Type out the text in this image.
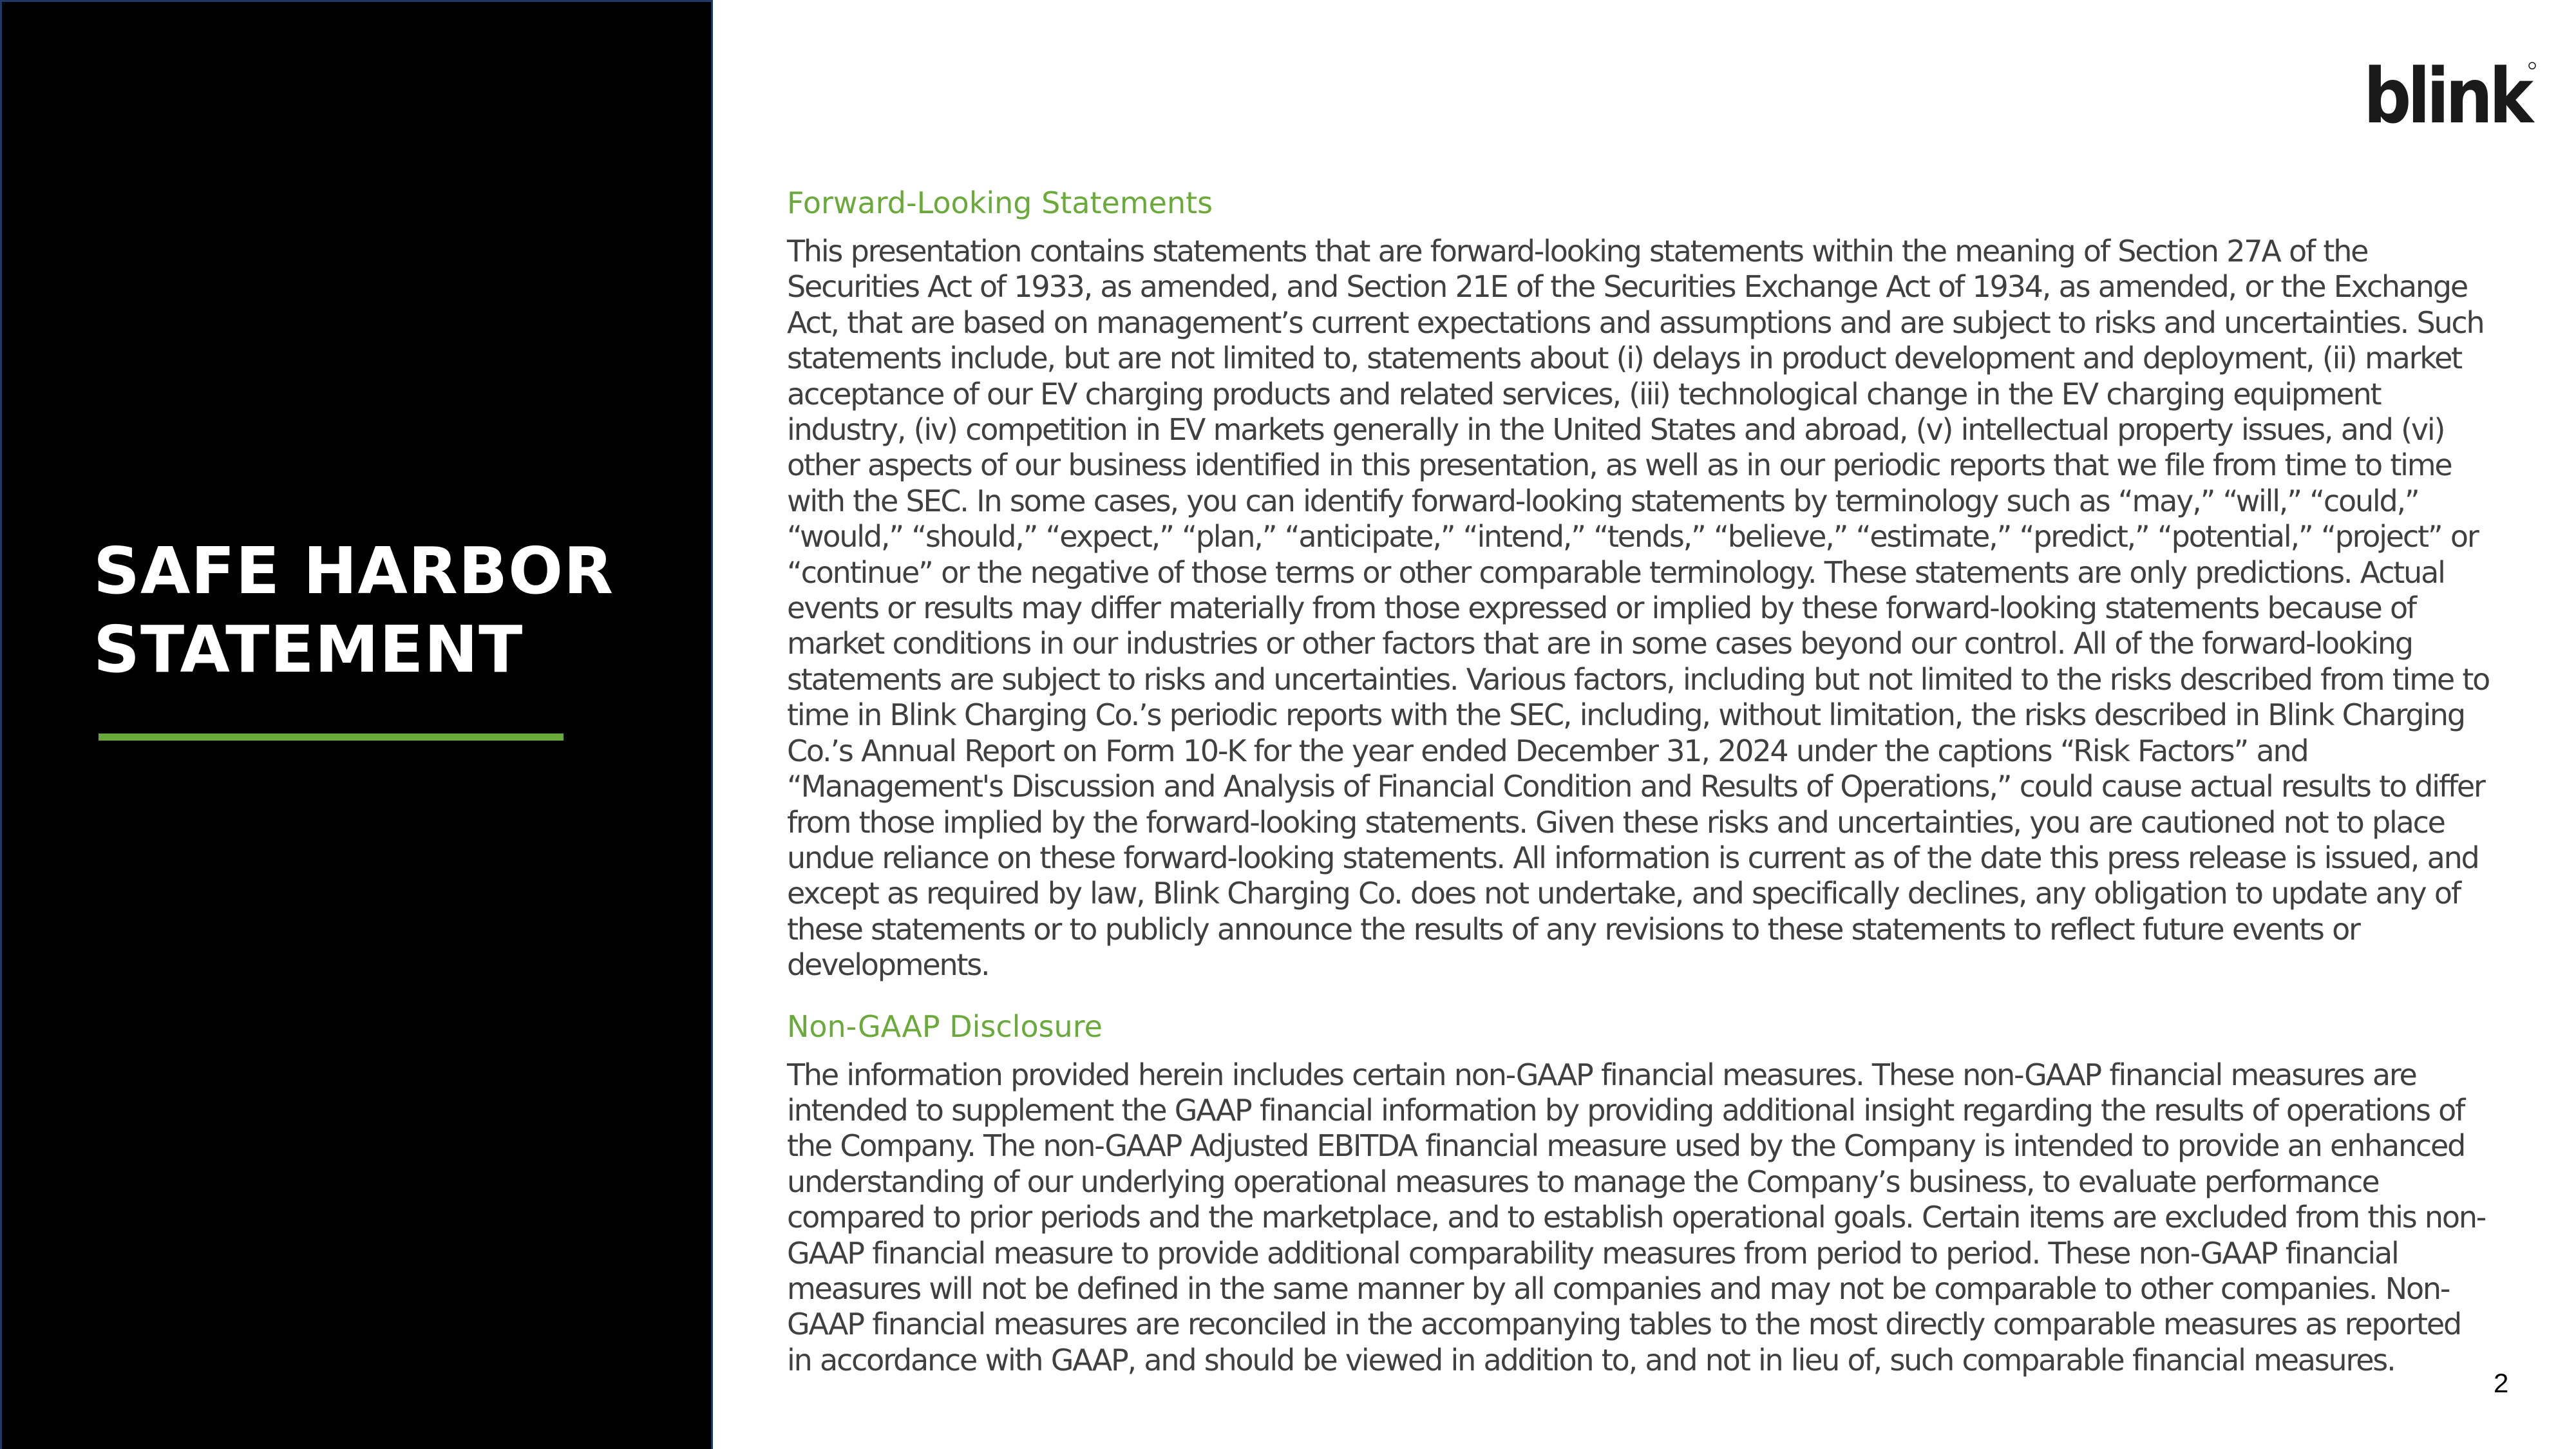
SAFE HARBOR
STATEMENT
blink
Forward-Looking Statements

This presentation contains statements that are forward-looking statements within the meaning of Section 27A of the Securities Act of 1933, as amended, and Section 21E of the Securities Exchange Act of 1934, as amended, or the Exchange Act, that are based on management’s current expectations and assumptions and are subject to risks and uncertainties. Such statements include, but are not limited to, statements about (i) delays in product development and deployment, (ii) market acceptance of our EV charging products and related services, (iii) technological change in the EV charging equipment industry, (iv) competition in EV markets generally in the United States and abroad, (v) intellectual property issues, and (vi) other aspects of our business identified in this presentation, as well as in our periodic reports that we file from time to time with the SEC. In some cases, you can identify forward-looking statements by terminology such as “may,” “will,” “could,” “would,” “should,” “expect,” “plan,” “anticipate,” “intend,” “tends,” “believe,” “estimate,” “predict,” “potential,” “project” or “continue” or the negative of those terms or other comparable terminology. These statements are only predictions. Actual events or results may differ materially from those expressed or implied by these forward-looking statements because of market conditions in our industries or other factors that are in some cases beyond our control. All of the forward-looking statements are subject to risks and uncertainties. Various factors, including but not limited to the risks described from time to time in Blink Charging Co.’s periodic reports with the SEC, including, without limitation, the risks described in Blink Charging Co.’s Annual Report on Form 10-K for the year ended December 31, 2024 under the captions “Risk Factors” and “Management's Discussion and Analysis of Financial Condition and Results of Operations,” could cause actual results to differ from those implied by the forward-looking statements. Given these risks and uncertainties, you are cautioned not to place undue reliance on these forward-looking statements. All information is current as of the date this press release is issued, and except as required by law, Blink Charging Co. does not undertake, and specifically declines, any obligation to update any of these statements or to publicly announce the results of any revisions to these statements to reflect future events or developments.

Non-GAAP Disclosure

The information provided herein includes certain non-GAAP financial measures. These non-GAAP financial measures are intended to supplement the GAAP financial information by providing additional insight regarding the results of operations of the Company. The non-GAAP Adjusted EBITDA financial measure used by the Company is intended to provide an enhanced understanding of our underlying operational measures to manage the Company’s business, to evaluate performance compared to prior periods and the marketplace, and to establish operational goals. Certain items are excluded from this non-GAAP financial measure to provide additional comparability measures from period to period. These non-GAAP financial measures will not be defined in the same manner by all companies and may not be comparable to other companies. Non-GAAP financial measures are reconciled in the accompanying tables to the most directly comparable measures as reported in accordance with GAAP, and should be viewed in addition to, and not in lieu of, such comparable financial measures.

2
